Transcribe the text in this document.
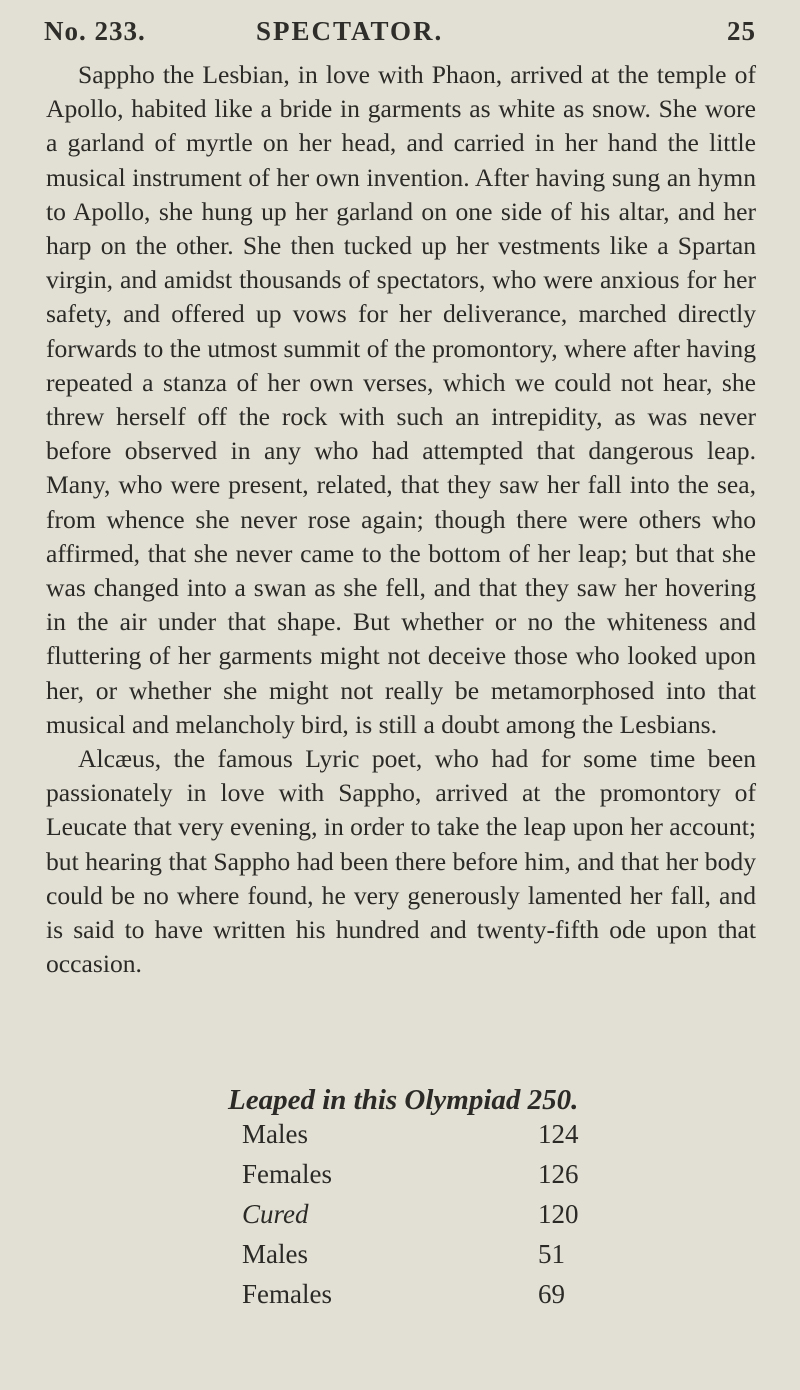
No. 233.	SPECTATOR.	25

Sappho the Lesbian, in love with Phaon, arrived at the temple of Apollo, habited like a bride in garments as white as snow. She wore a garland of myrtle on her head, and carried in her hand the little musical instrument of her own invention. After having sung an hymn to Apollo, she hung up her garland on one side of his altar, and her harp on the other. She then tucked up her vestments like a Spartan virgin, and amidst thousands of spectators, who were anxious for her safety, and offered up vows for her deliverance, marched directly forwards to the utmost summit of the promontory, where after having repeated a stanza of her own verses, which we could not hear, she threw herself off the rock with such an intrepidity, as was never before observed in any who had attempted that dangerous leap. Many, who were present, related, that they saw her fall into the sea, from whence she never rose again; though there were others who affirmed, that she never came to the bottom of her leap; but that she was changed into a swan as she fell, and that they saw her hovering in the air under that shape. But whether or no the whiteness and fluttering of her garments might not deceive those who looked upon her, or whether she might not really be metamorphosed into that musical and melancholy bird, is still a doubt among the Lesbians.

Alcæus, the famous Lyric poet, who had for some time been passionately in love with Sappho, arrived at the promontory of Leucate that very evening, in order to take the leap upon her account; but hearing that Sappho had been there before him, and that her body could be no where found, he very generously lamented her fall, and is said to have written his hundred and twenty-fifth ode upon that occasion.

Leaped in this Olympiad 250.
Males	124
Females	126
Cured	120
Males	51
Females	69
